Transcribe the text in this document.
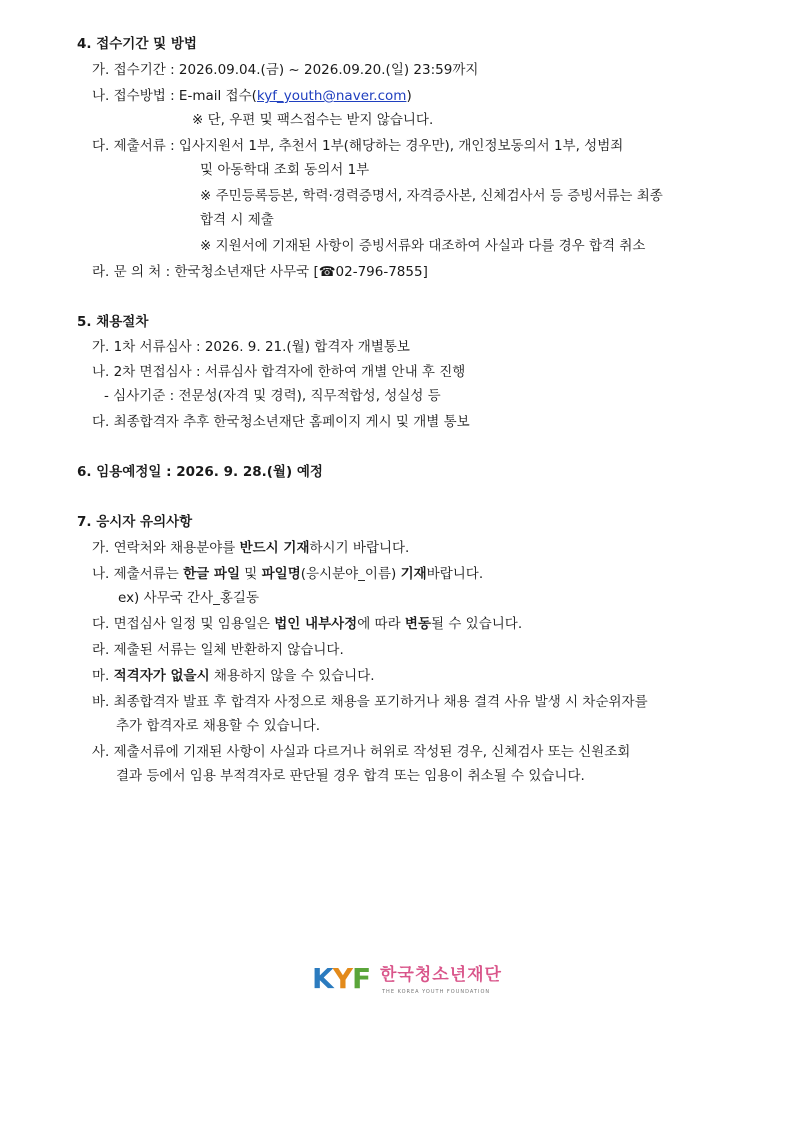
4. 접수기간 및 방법
가. 접수기간 : 2026.09.04.(금) ~ 2026.09.20.(일) 23:59까지
나. 접수방법 : E-mail 접수(kyf_youth@naver.com)
※ 단, 우편 및 팩스접수는 받지 않습니다.
다. 제출서류 : 입사지원서 1부, 추천서 1부(해당하는 경우만), 개인정보동의서 1부, 성범죄
및 아동학대 조회 동의서 1부
※ 주민등록등본, 학력·경력증명서, 자격증사본, 신체검사서 등 증빙서류는 최종
합격 시 제출
※ 지원서에 기재된 사항이 증빙서류와 대조하여 사실과 다를 경우 합격 취소
라. 문 의 처 : 한국청소년재단 사무국 [☎02-796-7855]
5. 채용절차
가. 1차 서류심사 : 2026. 9. 21.(월) 합격자 개별통보
나. 2차 면접심사 : 서류심사 합격자에 한하여 개별 안내 후 진행
- 심사기준 : 전문성(자격 및 경력), 직무적합성, 성실성 등
다. 최종합격자 추후 한국청소년재단 홈페이지 게시 및 개별 통보
6. 임용예정일 : 2026. 9. 28.(월) 예정
7. 응시자 유의사항
가. 연락처와 채용분야를 반드시 기재하시기 바랍니다.
나. 제출서류는 한글 파일 및 파일명(응시분야_이름) 기재바랍니다.
ex) 사무국 간사_홍길동
다. 면접심사 일정 및 임용일은 법인 내부사정에 따라 변동될 수 있습니다.
라. 제출된 서류는 일체 반환하지 않습니다.
마. 적격자가 없을시 채용하지 않을 수 있습니다.
바. 최종합격자 발표 후 합격자 사정으로 채용을 포기하거나 채용 결격 사유 발생 시 차순위자를
추가 합격자로 채용할 수 있습니다.
사. 제출서류에 기재된 사항이 사실과 다르거나 허위로 작성된 경우, 신체검사 또는 신원조회
결과 등에서 임용 부적격자로 판단될 경우 합격 또는 임용이 취소될 수 있습니다.
KYF 한국청소년재단
THE KOREA YOUTH FOUNDATION
